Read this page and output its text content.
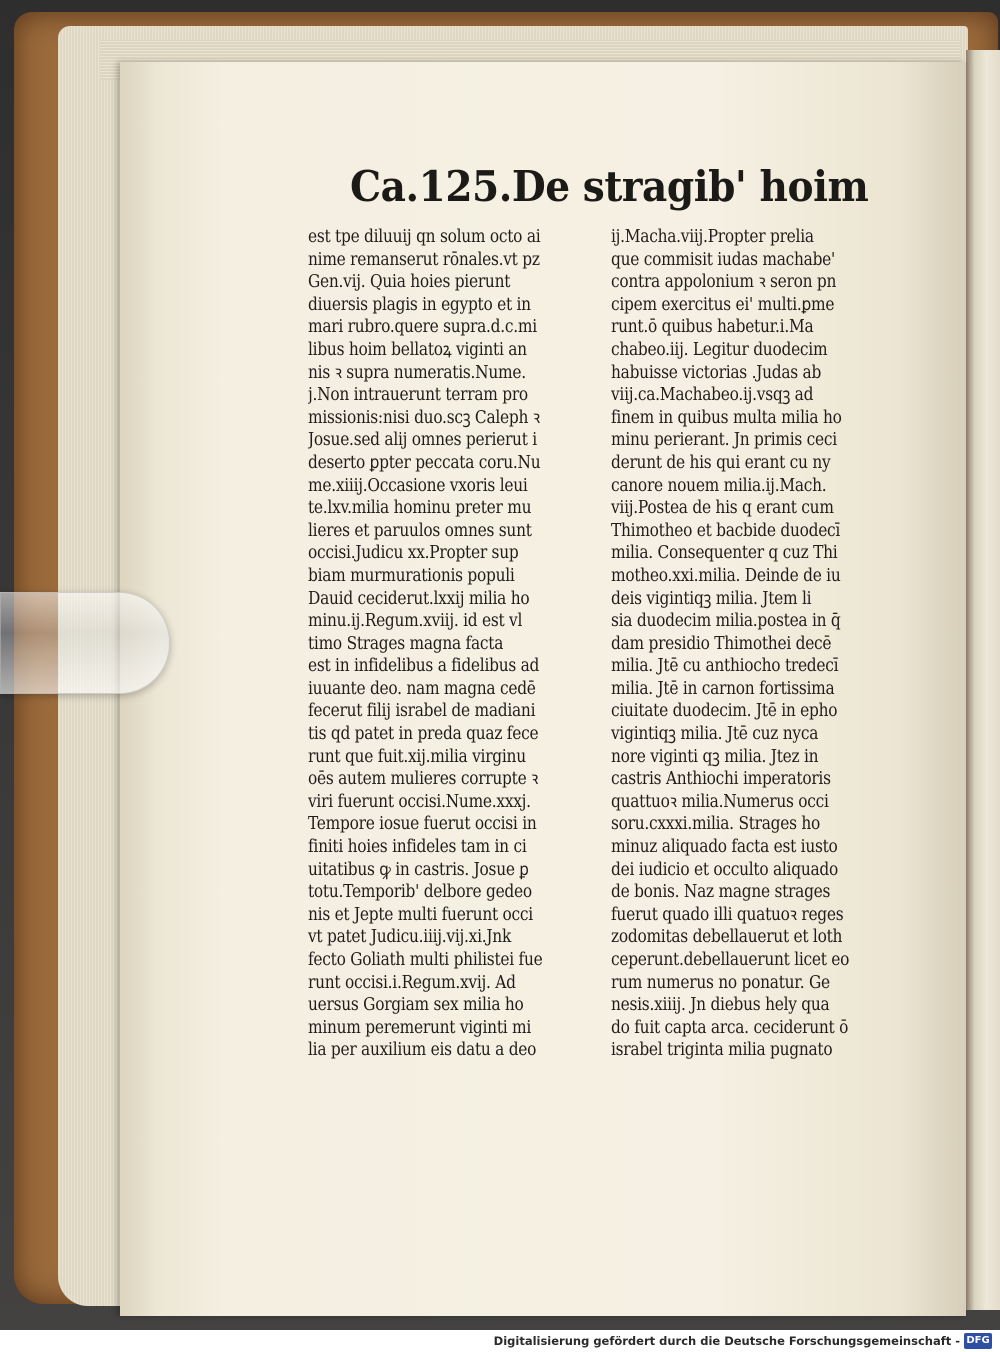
Ca.125.De stragib' hoim
est tpe diluuij qn solum octo ai
nime remanserut rōnales.vt pz
Gen.vij. Quia hoies pierunt
diuersis plagis in egypto et in
mari rubro.quere supra.d.c.mi
libus hoim bellatoꝝ viginti an
nis ꝛ supra numeratis.Nume.
j.Non intrauerunt terram pro
missionis:nisi duo.scꝫ Caleph ꝛ
Josue.sed alij omnes perierut i
deserto ꝑpter peccata coru.Nu
me.xiiij.Occasione vxoris leui
te.lxv.milia hominu preter mu
lieres et paruulos omnes sunt
occisi.Judicu xx.Propter sup
biam murmurationis populi
Dauid ceciderut.lxxij milia ho
minu.ij.Regum.xviij. id est vl
timo Strages magna facta
est in infidelibus a fidelibus ad
iuuante deo. nam magna cedē
fecerut filij israbel de madiani
tis qd patet in preda quaz fece
runt que fuit.xij.milia virginu
oēs autem mulieres corrupte ꝛ
viri fuerunt occisi.Nume.xxxj.
Tempore iosue fuerut occisi in
finiti hoies infideles tam in ci
uitatibus ꝙ in castris. Josue ꝑ
totu.Temporib' delbore gedeo
nis et Jepte multi fuerunt occi
vt patet Judicu.iiij.vij.xi.Jnk
fecto Goliath multi philistei fue
runt occisi.i.Regum.xvij. Ad
uersus Gorgiam sex milia ho
minum peremerunt viginti mi
lia per auxilium eis datu a deo
ij.Macha.viij.Propter prelia
que commisit iudas machabe'
contra appolonium ꝛ seron pn
cipem exercitus ei' multi.ꝑme
runt.ō quibus habetur.i.Ma
chabeo.iij. Legitur duodecim
habuisse victorias .Judas ab
viij.ca.Machabeo.ij.vsqꝫ ad
finem in quibus multa milia ho
minu perierant. Jn primis ceci
derunt de his qui erant cu ny
canore nouem milia.ij.Mach.
viij.Postea de his q erant cum
Thimotheo et bacbide duodecī
milia. Consequenter q cuz Thi
motheo.xxi.milia. Deinde de iu
deis vigintiqꝫ milia. Jtem li
sia duodecim milia.postea in q̄
dam presidio Thimothei decē
milia. Jtē cu anthiocho tredecī
milia. Jtē in carnon fortissima
ciuitate duodecim. Jtē in epho
vigintiqꝫ milia. Jtē cuz nyca
nore viginti qꝫ milia. Jtez in
castris Anthiochi imperatoris
quattuoꝛ milia.Numerus occi
soru.cxxxi.milia. Strages ho
minuz aliquado facta est iusto
dei iudicio et occulto aliquado
de bonis. Naz magne strages
fuerut quado illi quatuoꝛ reges
zodomitas debellauerut et loth
ceperunt.debellauerunt licet eo
rum numerus no ponatur. Ge
nesis.xiiij. Jn diebus hely qua
do fuit capta arca. ceciderunt ō
israbel triginta milia pugnato
Digitalisierung gefördert durch die Deutsche Forschungsgemeinschaft - DFG
